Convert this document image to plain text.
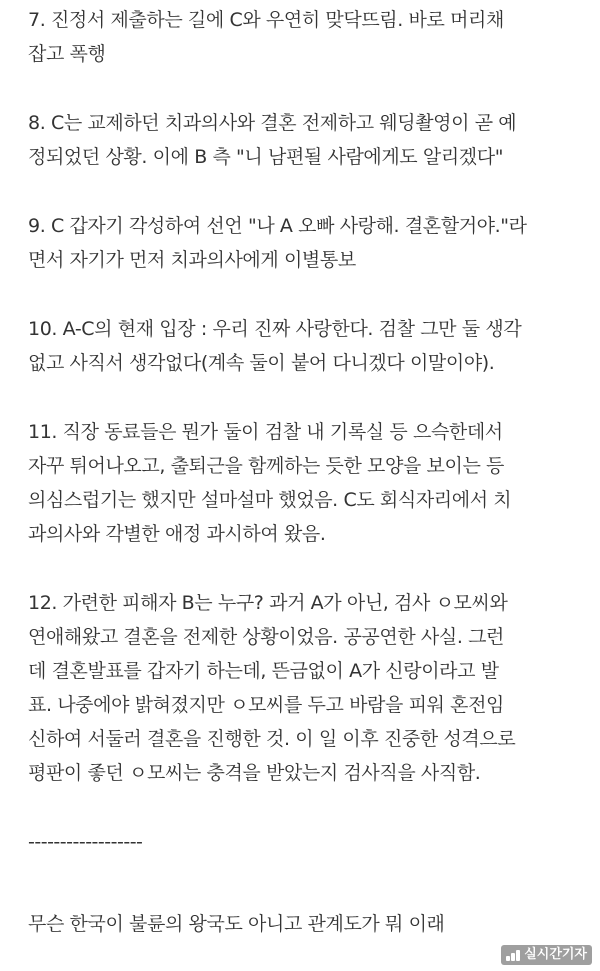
7. 진정서 제출하는 길에 C와 우연히 맞닥뜨림. 바로 머리채
잡고 폭행
8. C는 교제하던 치과의사와 결혼 전제하고 웨딩촬영이 곧 예
정되었던 상황. 이에 B 측 "니 남편될 사람에게도 알리겠다"
9. C 갑자기 각성하여 선언 "나 A 오빠 사랑해. 결혼할거야."라
면서 자기가 먼저 치과의사에게 이별통보
10. A-C의 현재 입장 : 우리 진짜 사랑한다. 검찰 그만 둘 생각
없고 사직서 생각없다(계속 둘이 붙어 다니겠다 이말이야).
11. 직장 동료들은 뭔가 둘이 검찰 내 기록실 등 으슥한데서
자꾸 튀어나오고, 출퇴근을 함께하는 듯한 모양을 보이는 등
의심스럽기는 했지만 설마설마 했었음. C도 회식자리에서 치
과의사와 각별한 애정 과시하여 왔음.
12. 가련한 피해자 B는 누구? 과거 A가 아닌, 검사 ㅇ모씨와
연애해왔고 결혼을 전제한 상황이었음. 공공연한 사실. 그런
데 결혼발표를 갑자기 하는데, 뜬금없이 A가 신랑이라고 발
표. 나중에야 밝혀졌지만 ㅇ모씨를 두고 바람을 피워 혼전임
신하여 서둘러 결혼을 진행한 것. 이 일 이후 진중한 성격으로
평판이 좋던 ㅇ모씨는 충격을 받았는지 검사직을 사직함.
------------------
무슨 한국이 불륜의 왕국도 아니고 관계도가 뭐 이래
실시간기자
